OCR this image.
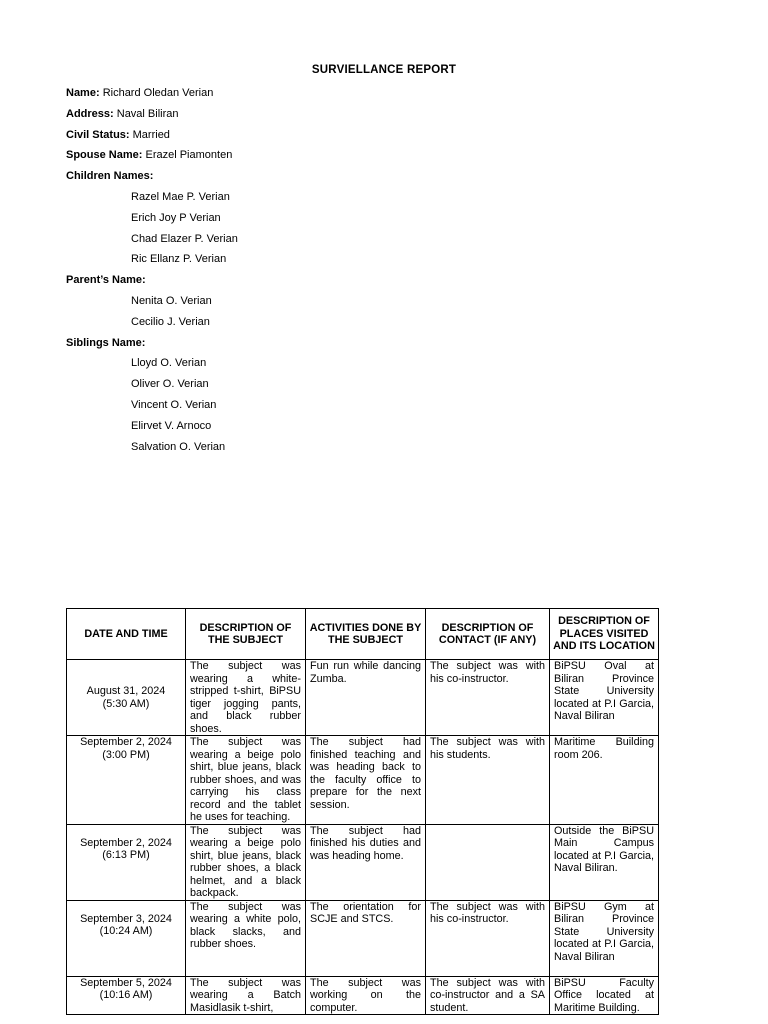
SURVIELLANCE REPORT
Name: Richard Oledan Verian
Address: Naval Biliran
Civil Status: Married
Spouse Name: Erazel Piamonten
Children Names:
Razel Mae P. Verian
Erich Joy P Verian
Chad Elazer P. Verian
Ric Ellanz P. Verian
Parent’s Name:
Nenita O. Verian
Cecilio J. Verian
Siblings Name:
Lloyd O. Verian
Oliver O. Verian
Vincent O. Verian
Elirvet V. Arnoco
Salvation O. Verian
DATE AND TIME	DESCRIPTION OF THE SUBJECT	ACTIVITIES DONE BY THE SUBJECT	DESCRIPTION OF CONTACT (IF ANY)	DESCRIPTION OF PLACES VISITED AND ITS LOCATION

August 31, 2024
(5:30 AM)	The subject was wearing a white-stripped t-shirt, BiPSU tiger jogging pants, and black rubber shoes.	Fun run while dancing Zumba.	The subject was with his co-instructor.	BiPSU Oval at Biliran Province State University located at P.I Garcia, Naval Biliran
September 2, 2024
(3:00 PM)	The subject was wearing a beige polo shirt, blue jeans, black rubber shoes, and was carrying his class record and the tablet he uses for teaching.	The subject had finished teaching and was heading back to the faculty office to prepare for the next session.	The subject was with his students.	Maritime Building room 206.

September 2, 2024
(6:13 PM)	The subject was wearing a beige polo shirt, blue jeans, black rubber shoes, a black helmet, and a black backpack.	The subject had finished his duties and was heading home.		Outside the BiPSU Main Campus located at P.I Garcia, Naval Biliran.

September 3, 2024
(10:24 AM)	The subject was wearing a white polo, black slacks, and rubber shoes.	The orientation for SCJE and STCS.	The subject was with his co-instructor.	BiPSU Gym at Biliran Province State University located at P.I Garcia, Naval Biliran
September 5, 2024
(10:16 AM)	The subject was wearing a Batch Masidlasik t-shirt,	The subject was working on the computer.	The subject was with co-instructor and a SA student.	BiPSU Faculty Office located at Maritime Building.
